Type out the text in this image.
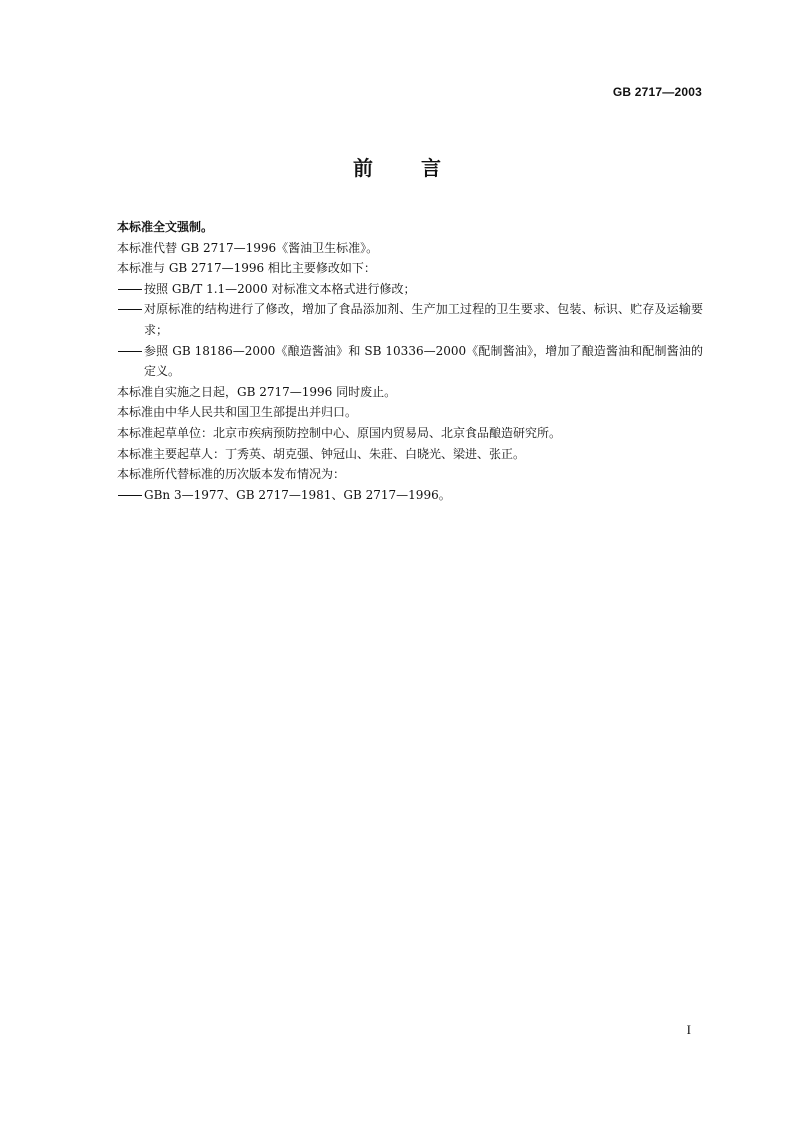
GB 2717—2003
前言

本标准全文强制。

本标准代替 GB 2717—1996《酱油卫生标准》。

本标准与 GB 2717—1996 相比主要修改如下：

按照 GB/T 1.1—2000 对标准文本格式进行修改；

对原标准的结构进行了修改，增加了食品添加剂、生产加工过程的卫生要求、包装、标识、贮存及运输要求；

参照 GB 18186—2000《酿造酱油》和 SB 10336—2000《配制酱油》，增加了酿造酱油和配制酱油的定义。

本标准自实施之日起，GB 2717—1996 同时废止。

本标准由中华人民共和国卫生部提出并归口。

本标准起草单位：北京市疾病预防控制中心、原国内贸易局、北京食品酿造研究所。

本标准主要起草人：丁秀英、胡克强、钟冠山、朱莊、白晓光、梁进、张正。

本标准所代替标准的历次版本发布情况为：

GBn 3—1977、GB 2717—1981、GB 2717—1996。

I
